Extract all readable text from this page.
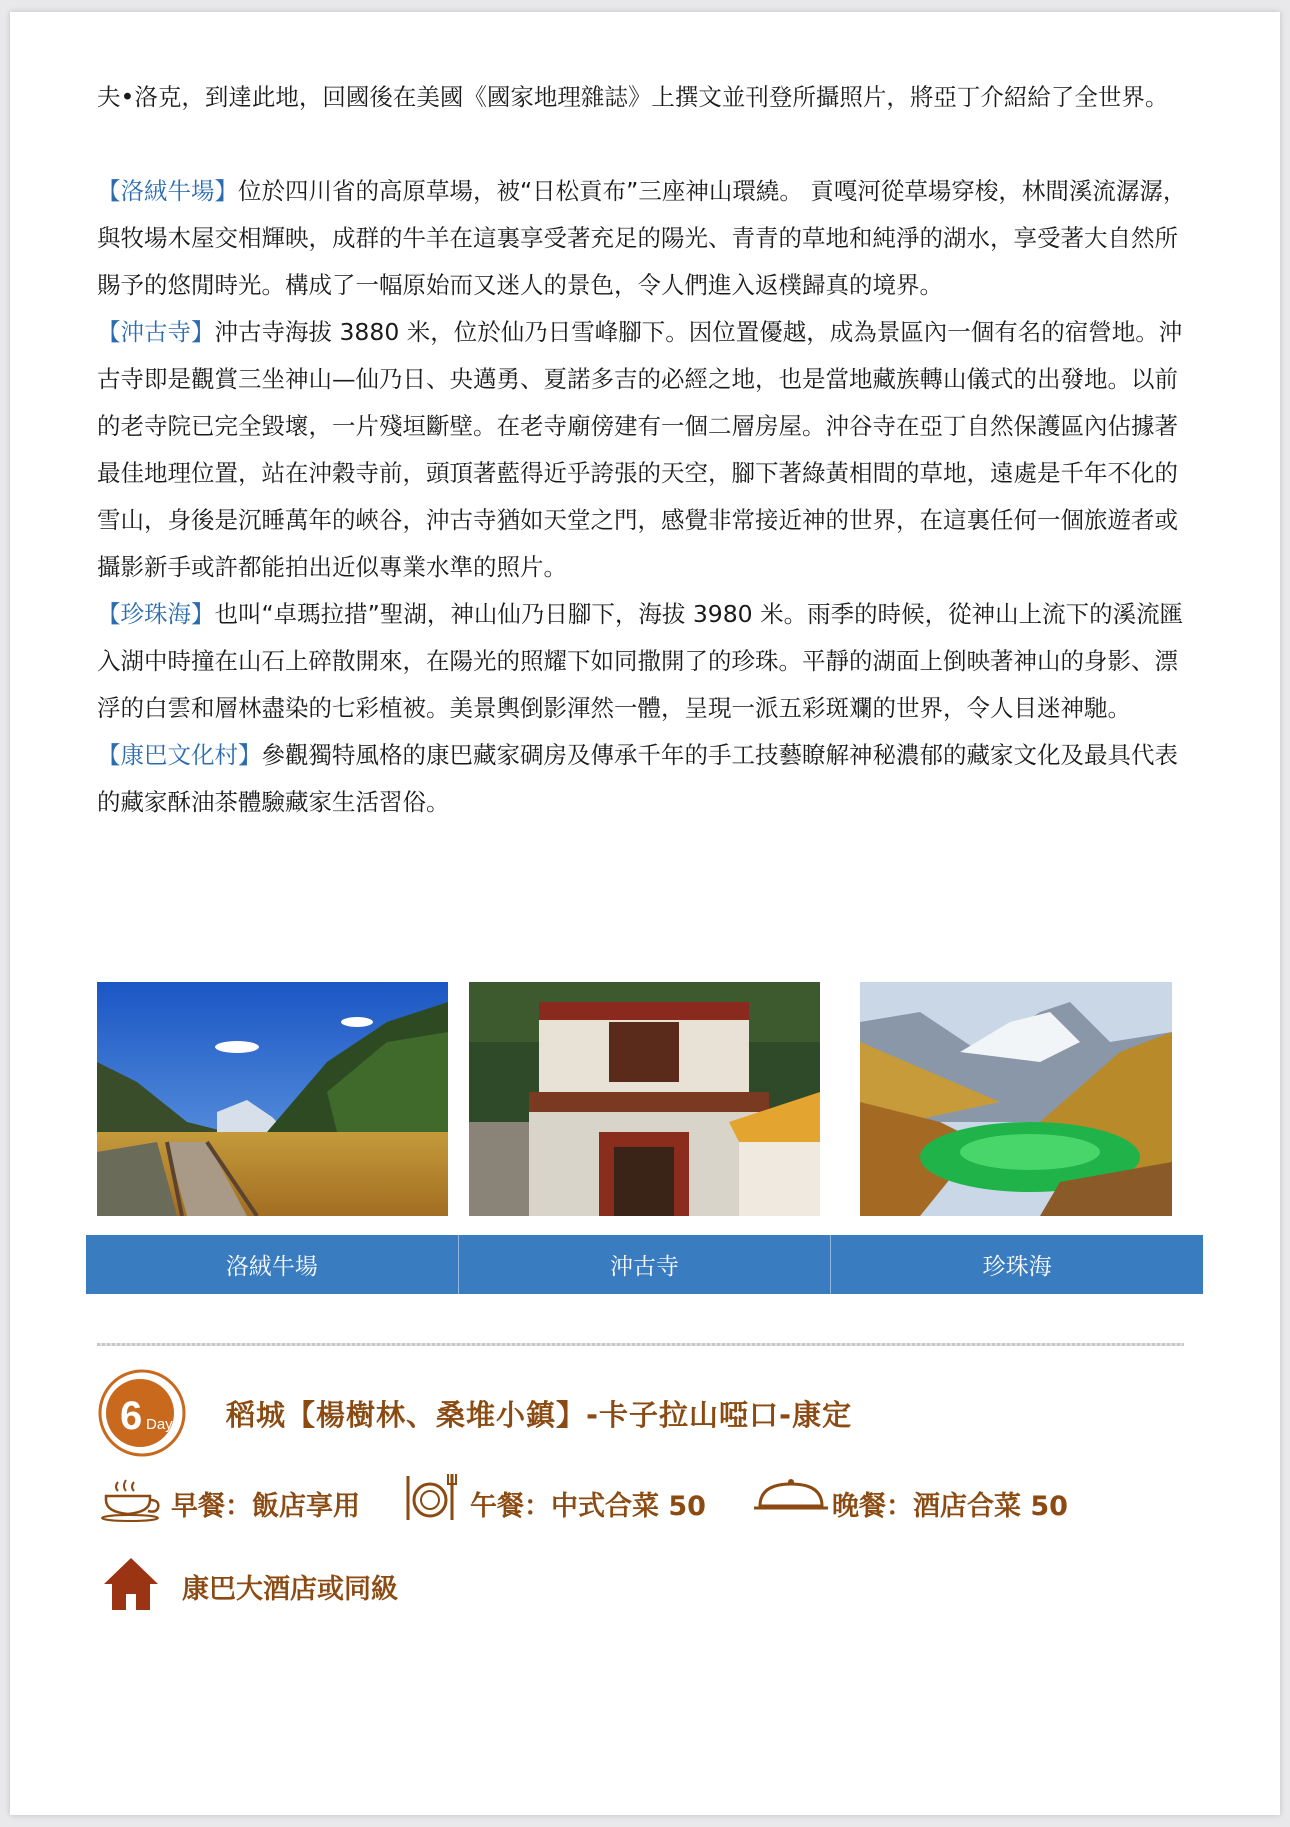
夫•洛克，到達此地，回國後在美國《國家地理雜誌》上撰文並刊登所攝照片，將亞丁介紹給了全世界。

【洛絨牛場】位於四川省的高原草場，被“日松貢布”三座神山環繞。 貢嘎河從草場穿梭，林間溪流潺潺，與牧場木屋交相輝映，成群的牛羊在這裏享受著充足的陽光、青青的草地和純淨的湖水，享受著大自然所賜予的悠閒時光。構成了一幅原始而又迷人的景色，令人們進入返樸歸真的境界。

【沖古寺】沖古寺海拔 3880 米，位於仙乃日雪峰腳下。因位置優越，成為景區內一個有名的宿營地。沖古寺即是觀賞三坐神山—仙乃日、央邁勇、夏諾多吉的必經之地，也是當地藏族轉山儀式的出發地。以前的老寺院已完全毀壞，一片殘垣斷壁。在老寺廟傍建有一個二層房屋。沖谷寺在亞丁自然保護區內佔據著最佳地理位置，站在沖穀寺前，頭頂著藍得近乎誇張的天空，腳下著綠黃相間的草地，遠處是千年不化的雪山，身後是沉睡萬年的峽谷，沖古寺猶如天堂之門，感覺非常接近神的世界，在這裏任何一個旅遊者或攝影新手或許都能拍出近似專業水準的照片。

【珍珠海】也叫“卓瑪拉措”聖湖，神山仙乃日腳下，海拔 3980 米。雨季的時候，從神山上流下的溪流匯入湖中時撞在山石上碎散開來，在陽光的照耀下如同撒開了的珍珠。平靜的湖面上倒映著神山的身影、漂浮的白雲和層林盡染的七彩植被。美景輿倒影渾然一體，呈現一派五彩斑斕的世界，令人目迷神馳。

【康巴文化村】參觀獨特風格的康巴藏家碉房及傳承千年的手工技藝瞭解神秘濃郁的藏家文化及最具代表的藏家酥油茶體驗藏家生活習俗。

洛絨牛場	沖古寺	珍珠海
6 Day 稻城【楊樹林、桑堆小鎮】-卡子拉山啞口-康定
早餐：飯店享用	午餐：中式合菜 50	晚餐：酒店合菜 50
康巴大酒店或同級
